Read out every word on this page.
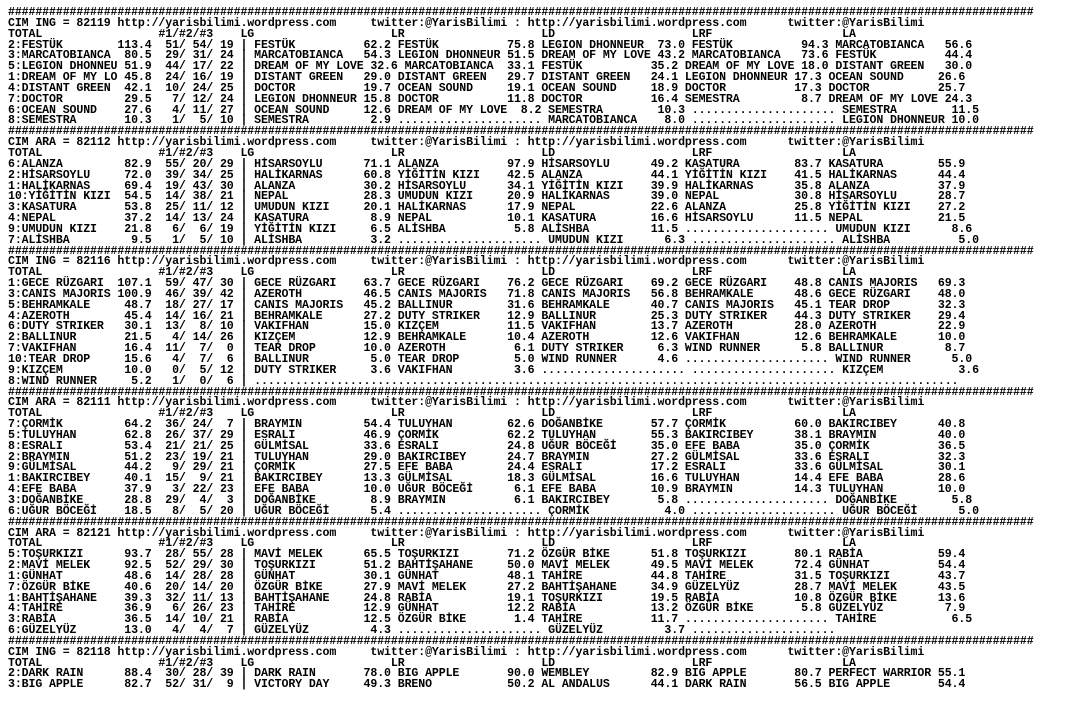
######################################################################################################################################################
CIM ING = 82119 http://yarisbilimi.wordpress.com     twitter:@YarisBilimi : http://yarisbilimi.wordpress.com      twitter:@YarisBilimi
TOTAL                 #1/#2/#3    LG                    LR                    LD                    LRF                   LA
2:FESTÜK        113.4  51/ 54/ 19 | FESTÜK          62.2 FESTÜK          75.8 LEGION DHONNEUR  73.0 FESTÜK          94.3 MARCATOBIANCA   56.6
3:MARCATOBIANCA  80.5  29/ 31/ 24 | MARCATOBIANCA   54.3 LEGION DHONNEUR 51.5 DREAM OF MY LOVE 43.2 MARCATOBIANCA   73.6 FESTÜK          44.4
5:LEGION DHONNEU 51.9  44/ 17/ 22 | DREAM OF MY LOVE 32.6 MARCATOBIANCA  33.1 FESTÜK          35.2 DREAM OF MY LOVE 18.0 DISTANT GREEN   30.0
1:DREAM OF MY LO 45.8  24/ 16/ 19 | DISTANT GREEN   29.0 DISTANT GREEN   29.7 DISTANT GREEN   24.1 LEGION DHONNEUR 17.3 OCEAN SOUND     26.6
4:DISTANT GREEN  42.1  10/ 24/ 25 | DOCTOR          19.7 OCEAN SOUND     19.1 OCEAN SOUND     18.9 DOCTOR          17.3 DOCTOR          25.7
7:DOCTOR         29.5   7/ 12/ 24 | LEGION DHONNEUR 15.8 DOCTOR          11.8 DOCTOR          16.4 SEMESTRA         8.7 DREAM OF MY LOVE 24.3
6:OCEAN SOUND    27.6   4/ 11/ 27 | OCEAN SOUND     12.6 DREAM OF MY LOVE  8.2 SEMESTRA        10.3 ..................... SEMESTRA        11.5
8:SEMESTRA       10.3   1/  5/ 10 | SEMESTRA         2.9 ..................... MARCATOBIANCA    8.0 ..................... LEGION DHONNEUR 10.0
######################################################################################################################################################
CIM ARA = 82112 http://yarisbilimi.wordpress.com     twitter:@YarisBilimi : http://yarisbilimi.wordpress.com      twitter:@YarisBilimi
TOTAL                 #1/#2/#3    LG                    LR                    LD                    LRF                   LA
6:ALANZA         82.9  55/ 20/ 29 | HİSARSOYLU      71.1 ALANZA          97.9 HİSARSOYLU      49.2 KASATURA        83.7 KASATURA        55.9
2:HİSARSOYLU     72.0  39/ 34/ 25 | HALİKARNAS      60.8 YİĞİTİN KIZI    42.5 ALANZA          44.1 YİĞİTİN KIZI    41.5 HALİKARNAS      44.4
1:HALİKARNAS     69.4  19/ 43/ 30 | ALANZA          30.2 HİSARSOYLU      34.1 YİĞİTİN KIZI    39.9 HALİKARNAS      35.8 ALANZA          37.9
10:YİĞİTİN KIZI  54.5  14/ 38/ 21 | NEPAL           28.3 UMUDUN KIZI     20.9 HALİKARNAS      39.0 NEPAL           30.8 HİSARSOYLU      28.7
3:KASATURA       53.8  25/ 11/ 12 | UMUDUN KIZI     20.1 HALİKARNAS      17.9 NEPAL           22.6 ALANZA          25.8 YİĞİTİN KIZI    27.2
4:NEPAL          37.2  14/ 13/ 24 | KASATURA         8.9 NEPAL           10.1 KASATURA        16.6 HİSARSOYLU      11.5 NEPAL           21.5
9:UMUDUN KIZI    21.8   6/  6/ 19 | YİĞİTİN KIZI     6.5 ALİSHBA          5.8 ALİSHBA         11.5 ..................... UMUDUN KIZI      8.6
7:ALİSHBA         9.5   1/  5/ 10 | ALİSHBA          3.2 ..................... UMUDUN KIZI      6.3 ..................... ALİSHBA          5.0
######################################################################################################################################################
CIM ING = 82116 http://yarisbilimi.wordpress.com     twitter:@YarisBilimi : http://yarisbilimi.wordpress.com      twitter:@YarisBilimi
TOTAL                 #1/#2/#3    LG                    LR                    LD                    LRF                   LA
1:GECE RÜZGARI  107.1  59/ 47/ 30 | GECE RÜZGARI    63.7 GECE RÜZGARI    76.2 GECE RÜZGARI    69.2 GECE RÜZGARI    48.8 CANIS MAJORIS   69.3
3:CANIS MAJORIS 100.9  46/ 39/ 42 | AZEROTH         46.5 CANIS MAJORIS   71.8 CANIS MAJORIS   56.8 BEHRAMKALE      48.6 GECE RÜZGARI    48.0
5:BEHRAMKALE     48.7  18/ 27/ 17 | CANIS MAJORIS   45.2 BALLINUR        31.6 BEHRAMKALE      40.7 CANIS MAJORIS   45.1 TEAR DROP       32.3
4:AZEROTH        45.4  14/ 16/ 21 | BEHRAMKALE      27.2 DUTY STRIKER    12.9 BALLINUR        25.3 DUTY STRIKER    44.3 DUTY STRIKER    29.4
6:DUTY STRIKER   30.1  13/  8/ 10 | VAKIFHAN        15.0 KIZÇEM          11.5 VAKIFHAN        13.7 AZEROTH         28.0 AZEROTH         22.9
2:BALLINUR       21.5   4/ 14/ 26 | KIZÇEM          12.9 BEHRAMKALE      10.4 AZEROTH         12.6 VAKIFHAN        12.6 BEHRAMKALE      10.0
7:VAKIFHAN       16.4  11/  7/  0 | TEAR DROP       10.0 AZEROTH          6.1 DUTY STRIKER     6.3 WIND RUNNER      5.8 BALLINUR         8.7
10:TEAR DROP     15.6   4/  7/  6 | BALLINUR         5.0 TEAR DROP        5.0 WIND RUNNER      4.6 ..................... WIND RUNNER      5.0
9:KIZÇEM         10.0   0/  5/ 12 | DUTY STRIKER     3.6 VAKIFHAN         3.6 ..................... ..................... KIZÇEM           3.6
8:WIND RUNNER     5.2   1/  0/  6 | .......................................................................................................
######################################################################################################################################################
CIM ARA = 82111 http://yarisbilimi.wordpress.com     twitter:@YarisBilimi : http://yarisbilimi.wordpress.com      twitter:@YarisBilimi
TOTAL                 #1/#2/#3    LG                    LR                    LD                    LRF                   LA
7:ÇORMİK         64.2  36/ 24/  7 | BRAYMIN         54.4 TULUYHAN        62.6 DOĞANBİKE       57.7 ÇORMİK          60.0 BAKIRCIBEY      40.8
5:TULUYHAN       62.8  26/ 37/ 29 | ESRALI          46.9 ÇORMİK          62.2 TULUYHAN        55.3 BAKIRCIBEY      38.1 BRAYMIN         40.0
8:ESRALI         53.4  21/ 21/ 25 | GÜLMİSAL        33.6 ESRALI          24.8 UĞUR BÖCEĞİ     35.0 EFE BABA        35.0 ÇORMİK          36.5
2:BRAYMIN        51.2  23/ 19/ 21 | TULUYHAN        29.0 BAKIRCIBEY      24.7 BRAYMIN         27.2 GÜLMİSAL        33.6 ESRALI          32.3
9:GÜLMİSAL       44.2   9/ 29/ 21 | ÇORMİK          27.5 EFE BABA        24.4 ESRALI          17.2 ESRALI          33.6 GÜLMİSAL        30.1
1:BAKIRCIBEY     40.1  15/  9/ 21 | BAKIRCIBEY      13.3 GÜLMİSAL        18.3 GÜLMİSAL        16.6 TULUYHAN        14.4 EFE BABA        28.6
4:EFE BABA       37.9   3/ 22/ 23 | EFE BABA        10.0 UĞUR BÖCEĞİ      6.1 EFE BABA        10.9 BRAYMIN         14.3 TULUYHAN        10.0
3:DOĞANBİKE      28.8  29/  4/  3 | DOĞANBİKE        8.9 BRAYMIN          6.1 BAKIRCIBEY       5.8 ..................... DOĞANBİKE        5.8
6:UĞUR BÖCEĞİ    18.5   8/  5/ 20 | UĞUR BÖCEĞİ      5.4 ..................... ÇORMİK           4.0 ..................... UĞUR BÖCEĞİ      5.0
######################################################################################################################################################
CIM ARA = 82121 http://yarisbilimi.wordpress.com     twitter:@YarisBilimi : http://yarisbilimi.wordpress.com      twitter:@YarisBilimi
TOTAL                 #1/#2/#3    LG                    LR                    LD                    LRF                   LA
5:TOŞURKIZI      93.7  28/ 55/ 28 | MAVİ MELEK      65.5 TOŞURKIZI       71.2 ÖZGÜR BİKE      51.8 TOŞURKIZI       80.1 RABİA           59.4
2:MAVİ MELEK     92.5  52/ 29/ 30 | TOŞURKIZI       51.2 BAHTİŞAHANE     50.0 MAVİ MELEK      49.5 MAVİ MELEK      72.4 GÜNHAT          54.4
1:GÜNHAT         48.6  14/ 28/ 28 | GÜNHAT          30.1 GÜNHAT          48.1 TAHİRE          44.8 TAHİRE          31.5 TOŞURKIZI       43.7
7:ÖZGÜR BİKE     40.6  20/ 14/ 20 | ÖZGÜR BİKE      27.9 MAVİ MELEK      27.2 BAHTİŞAHANE     34.9 GÜZELYÜZ        28.7 MAVİ MELEK      43.5
1:BAHTİŞAHANE    39.3  32/ 11/ 13 | BAHTİŞAHANE     24.8 RABİA           19.1 TOŞURKIZI       19.5 RABİA           10.8 ÖZGÜR BİKE      13.6
4:TAHİRE         36.9   6/ 26/ 23 | TAHİRE          12.9 GÜNHAT          12.2 RABİA           13.2 ÖZGÜR BİKE       5.8 GÜZELYÜZ         7.9
3:RABİA          36.5  14/ 10/ 21 | RABİA           12.5 ÖZGÜR BİKE       1.4 TAHİRE          11.7 ..................... TAHİRE           6.5
6:GÜZELYÜZ       13.0   4/  4/  7 | GÜZELYÜZ         4.3 ..................... GÜZELYÜZ         3.7 .....................
######################################################################################################################################################
CIM ING = 82118 http://yarisbilimi.wordpress.com     twitter:@YarisBilimi : http://yarisbilimi.wordpress.com      twitter:@YarisBilimi
TOTAL                 #1/#2/#3    LG                    LR                    LD                    LRF                   LA
2:DARK RAIN      88.4  30/ 28/ 39 | DARK RAIN       78.0 BIG APPLE       90.0 WEMBLEY         82.9 BIG APPLE       80.7 PERFECT WARRIOR 55.1
3:BIG APPLE      82.7  52/ 31/  9 | VICTORY DAY     49.3 BRENO           50.2 AL ANDALUS      44.1 DARK RAIN       56.5 BIG APPLE       54.4
